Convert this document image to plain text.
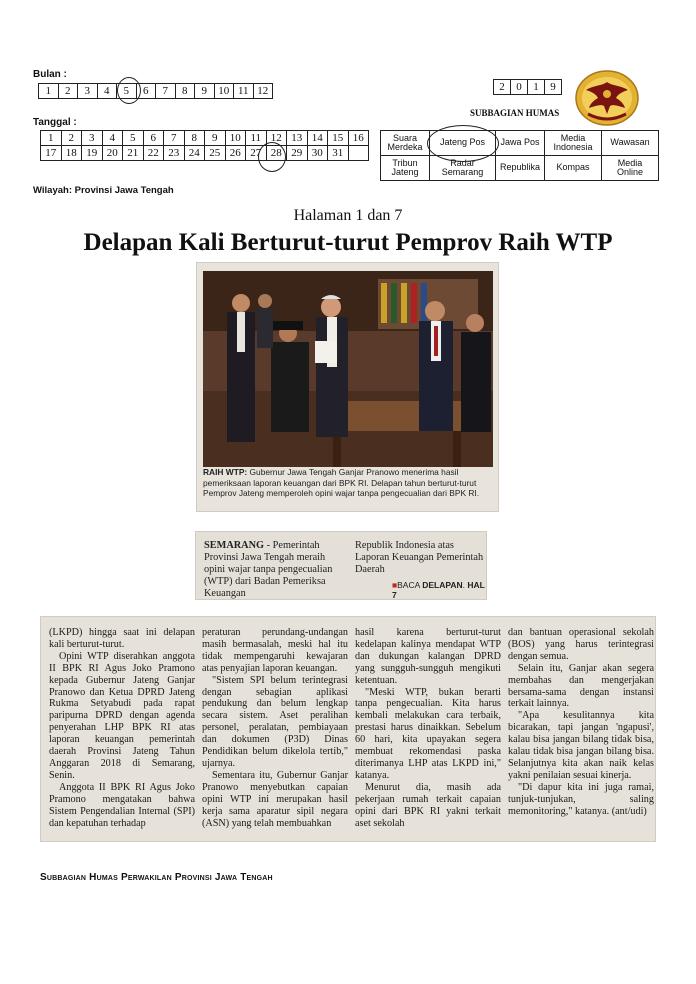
Bulan :
1	2	3	4	5	6	7	8	9	10	11	12
Tanggal :
1	2	3	4	5	6	7	8	9	10	11	12	13	14	15	16
17	18	19	20	21	22	23	24	25	26	27	28	29	30	31	
Wilayah: Provinsi Jawa Tengah
2	0	1	9
SUBBAGIAN HUMAS
Suara Merdeka	Jateng Pos	Jawa Pos	Media Indonesia	Wawasan
Tribun Jateng	Radar Semarang	Republika	Kompas	Media Online
Halaman 1 dan 7
Delapan Kali Berturut-turut Pemprov Raih WTP
RAIH WTP: Gubernur Jawa Tengah Ganjar Pranowo menerima hasil pemeriksaan laporan keuangan dari BPK RI. Delapan tahun berturut-turut Pemprov Jateng memperoleh opini wajar tanpa pengecualian dari BPK RI.
SEMARANG - Pemerintah Provinsi Jawa Tengah meraih opini wajar tanpa pengecualian (WTP) dari Badan Pemeriksa Keuangan
Republik Indonesia atas Laporan Keuangan Pemerintah Daerah
■BACA DELAPAN. HAL 7

(LKPD) hingga saat ini delapan kali berturut-turut.

Opini WTP diserahkan anggota II BPK RI Agus Joko Pramono kepada Gubernur Jateng Ganjar Pranowo dan Ketua DPRD Jateng Rukma Setyabudi pada rapat paripurna DPRD dengan agenda penyerahan LHP BPK RI atas laporan keuangan pemerintah daerah Provinsi Jateng Tahun Anggaran 2018 di Semarang, Senin.

Anggota II BPK RI Agus Joko Pramono mengatakan bahwa Sistem Pengendalian Internal (SPI) dan kepatuhan terhadap

peraturan perundang-undangan masih bermasalah, meski hal itu tidak mempengaruhi kewajaran atas penyajian laporan keuangan.

"Sistem SPI belum terintegrasi dengan sebagian aplikasi pendukung dan belum lengkap secara sistem. Aset peralihan personel, peralatan, pembiayaan dan dokumen (P3D) Dinas Pendidikan belum dikelola tertib," ujarnya.

Sementara itu, Gubernur Ganjar Pranowo menyebutkan capaian opini WTP ini merupakan hasil kerja sama aparatur sipil negara (ASN) yang telah membuahkan

hasil karena berturut-turut kedelapan kalinya mendapat WTP dan dukungan kalangan DPRD yang sungguh-sungguh mengikuti ketentuan.

"Meski WTP, bukan berarti tanpa pengecualian. Kita harus kembali melakukan cara terbaik, prestasi harus dinaikkan. Sebelum 60 hari, kita upayakan segera membuat rekomendasi paska diterimanya LHP atas LKPD ini," katanya.

Menurut dia, masih ada pekerjaan rumah terkait capaian opini dari BPK RI yakni terkait aset sekolah

dan bantuan operasional sekolah (BOS) yang harus terintegrasi dengan semua.

Selain itu, Ganjar akan segera membahas dan mengerjakan bersama-sama dengan instansi terkait lainnya.

"Apa kesulitannya kita bicarakan, tapi jangan 'ngapusi', kalau bisa jangan bilang tidak bisa, kalau tidak bisa jangan bilang bisa. Selanjutnya kita akan naik kelas yakni penilaian sesuai kinerja.

"Di dapur kita ini juga ramai, tunjuk-tunjukan, saling memonitoring," katanya. (ant/udi)

Subbagian Humas Perwakilan Provinsi Jawa Tengah
